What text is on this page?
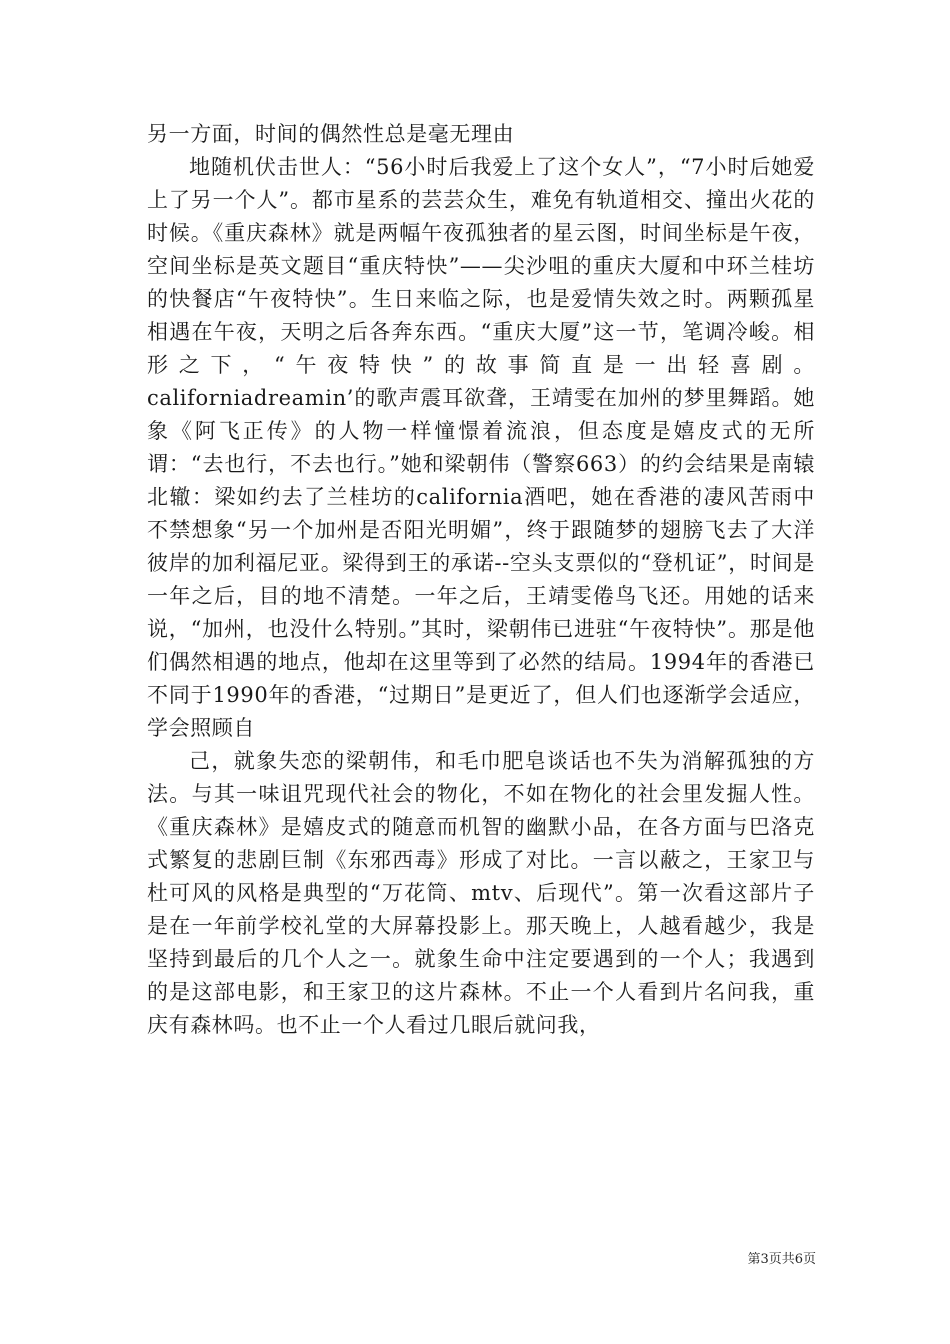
另一方面，时间的偶然性总是毫无理由

地随机伏击世人：“56小时后我爱上了这个女人”，“7小时后她爱上了另一个人”。都市星系的芸芸众生，难免有轨道相交、撞出火花的时候。《重庆森林》就是两幅午夜孤独者的星云图，时间坐标是午夜，空间坐标是英文题目“重庆特快”——尖沙咀的重庆大厦和中环兰桂坊的快餐店“午夜特快”。生日来临之际，也是爱情失效之时。两颗孤星相遇在午夜，天明之后各奔东西。“重庆大厦”这一节，笔调冷峻。相形之下，“午夜特快”的故事简直是一出轻喜剧。californiadreamin’的歌声震耳欲聋，王靖雯在加州的梦里舞蹈。她象《阿飞正传》的人物一样憧憬着流浪，但态度是嬉皮式的无所谓：“去也行，不去也行。”她和梁朝伟（警察663）的约会结果是南辕北辙：梁如约去了兰桂坊的california酒吧，她在香港的凄风苦雨中不禁想象“另一个加州是否阳光明媚”，终于跟随梦的翅膀飞去了大洋彼岸的加利福尼亚。梁得到王的承诺--空头支票似的“登机证”，时间是一年之后，目的地不清楚。一年之后，王靖雯倦鸟飞还。用她的话来说，“加州，也没什么特别。”其时，梁朝伟已进驻“午夜特快”。那是他们偶然相遇的地点，他却在这里等到了必然的结局。1994年的香港已不同于1990年的香港，“过期日”是更近了，但人们也逐渐学会适应，学会照顾自

己，就象失恋的梁朝伟，和毛巾肥皂谈话也不失为消解孤独的方法。与其一味诅咒现代社会的物化，不如在物化的社会里发掘人性。《重庆森林》是嬉皮式的随意而机智的幽默小品，在各方面与巴洛克式繁复的悲剧巨制《东邪西毒》形成了对比。一言以蔽之，王家卫与杜可风的风格是典型的“万花筒、mtv、后现代”。第一次看这部片子是在一年前学校礼堂的大屏幕投影上。那天晚上，人越看越少，我是坚持到最后的几个人之一。就象生命中注定要遇到的一个人；我遇到的是这部电影，和王家卫的这片森林。不止一个人看到片名问我，重庆有森林吗。也不止一个人看过几眼后就问我，

第3页共6页
